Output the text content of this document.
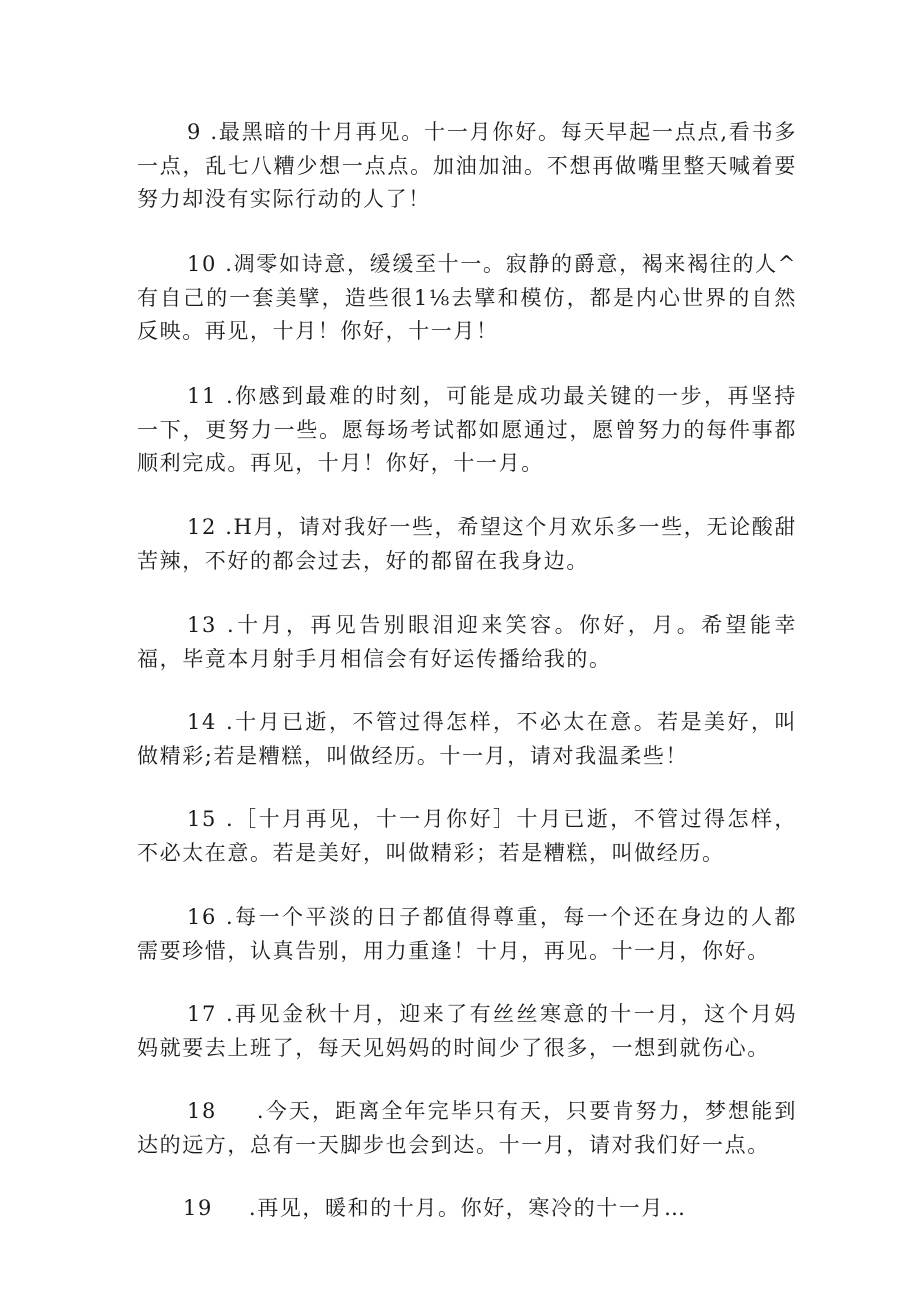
9 .最黑暗的十月再见。十一月你好。每天早起一点点,看书多一点，乱七八糟少想一点点。加油加油。不想再做嘴里整天喊着要努力却没有实际行动的人了！

10 .凋零如诗意，缓缓至十一。寂静的爵意，褐来褐往的人^有自己的一套美擘，造些很1⅛去擘和模仿，都是内心世界的自然反映。再见，十月！你好，十一月！

11 .你感到最难的时刻，可能是成功最关键的一步，再坚持一下，更努力一些。愿每场考试都如愿通过，愿曾努力的每件事都顺利完成。再见，十月！你好，十一月。

12 .H月，请对我好一些，希望这个月欢乐多一些，无论酸甜苦辣，不好的都会过去，好的都留在我身边。

13 .十月，再见告别眼泪迎来笑容。你好，月。希望能幸福，毕竟本月射手月相信会有好运传播给我的。

14 .十月已逝，不管过得怎样，不必太在意。若是美好，叫做精彩;若是糟糕，叫做经历。十一月，请对我温柔些！

15 .［十月再见，十一月你好］十月已逝，不管过得怎样，不必太在意。若是美好，叫做精彩；若是糟糕，叫做经历。

16 .每一个平淡的日子都值得尊重，每一个还在身边的人都需要珍惜，认真告别，用力重逢！十月，再见。十一月，你好。

17 .再见金秋十月，迎来了有丝丝寒意的十一月，这个月妈妈就要去上班了，每天见妈妈的时间少了很多，一想到就伤心。

18 .今天，距离全年完毕只有天，只要肯努力，梦想能到达的远方，总有一天脚步也会到达。十一月，请对我们好一点。

19 .再见，暖和的十月。你好，寒冷的十一月…
